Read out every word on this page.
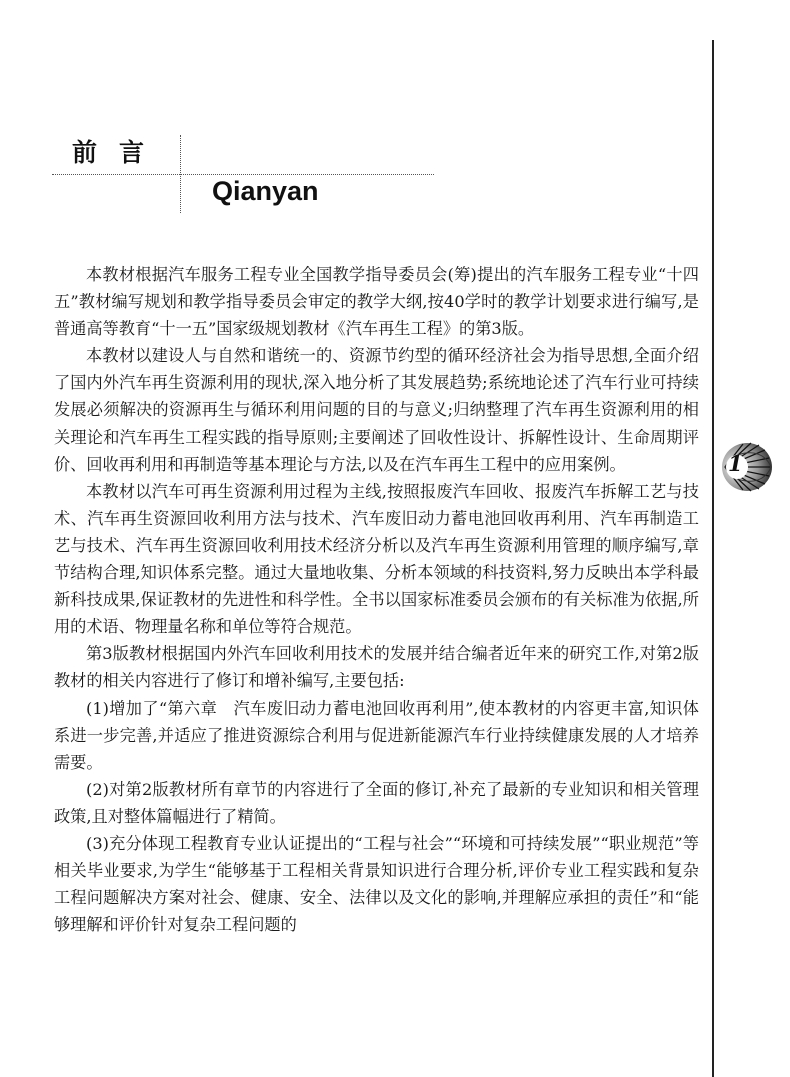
前言
Qianyan
1

本教材根据汽车服务工程专业全国教学指导委员会(筹)提出的汽车服务工程专业“十四五”教材编写规划和教学指导委员会审定的教学大纲,按40学时的教学计划要求进行编写,是普通高等教育“十一五”国家级规划教材《汽车再生工程》的第3版。

本教材以建设人与自然和谐统一的、资源节约型的循环经济社会为指导思想,全面介绍了国内外汽车再生资源利用的现状,深入地分析了其发展趋势;系统地论述了汽车行业可持续发展必须解决的资源再生与循环利用问题的目的与意义;归纳整理了汽车再生资源利用的相关理论和汽车再生工程实践的指导原则;主要阐述了回收性设计、拆解性设计、生命周期评价、回收再利用和再制造等基本理论与方法,以及在汽车再生工程中的应用案例。

本教材以汽车可再生资源利用过程为主线,按照报废汽车回收、报废汽车拆解工艺与技术、汽车再生资源回收利用方法与技术、汽车废旧动力蓄电池回收再利用、汽车再制造工艺与技术、汽车再生资源回收利用技术经济分析以及汽车再生资源利用管理的顺序编写,章节结构合理,知识体系完整。通过大量地收集、分析本领域的科技资料,努力反映出本学科最新科技成果,保证教材的先进性和科学性。全书以国家标准委员会颁布的有关标准为依据,所用的术语、物理量名称和单位等符合规范。

第3版教材根据国内外汽车回收利用技术的发展并结合编者近年来的研究工作,对第2版教材的相关内容进行了修订和增补编写,主要包括:

(1)增加了“第六章　汽车废旧动力蓄电池回收再利用”,使本教材的内容更丰富,知识体系进一步完善,并适应了推进资源综合利用与促进新能源汽车行业持续健康发展的人才培养需要。

(2)对第2版教材所有章节的内容进行了全面的修订,补充了最新的专业知识和相关管理政策,且对整体篇幅进行了精简。

(3)充分体现工程教育专业认证提出的“工程与社会”“环境和可持续发展”“职业规范”等相关毕业要求,为学生“能够基于工程相关背景知识进行合理分析,评价专业工程实践和复杂工程问题解决方案对社会、健康、安全、法律以及文化的影响,并理解应承担的责任”和“能够理解和评价针对复杂工程问题的
